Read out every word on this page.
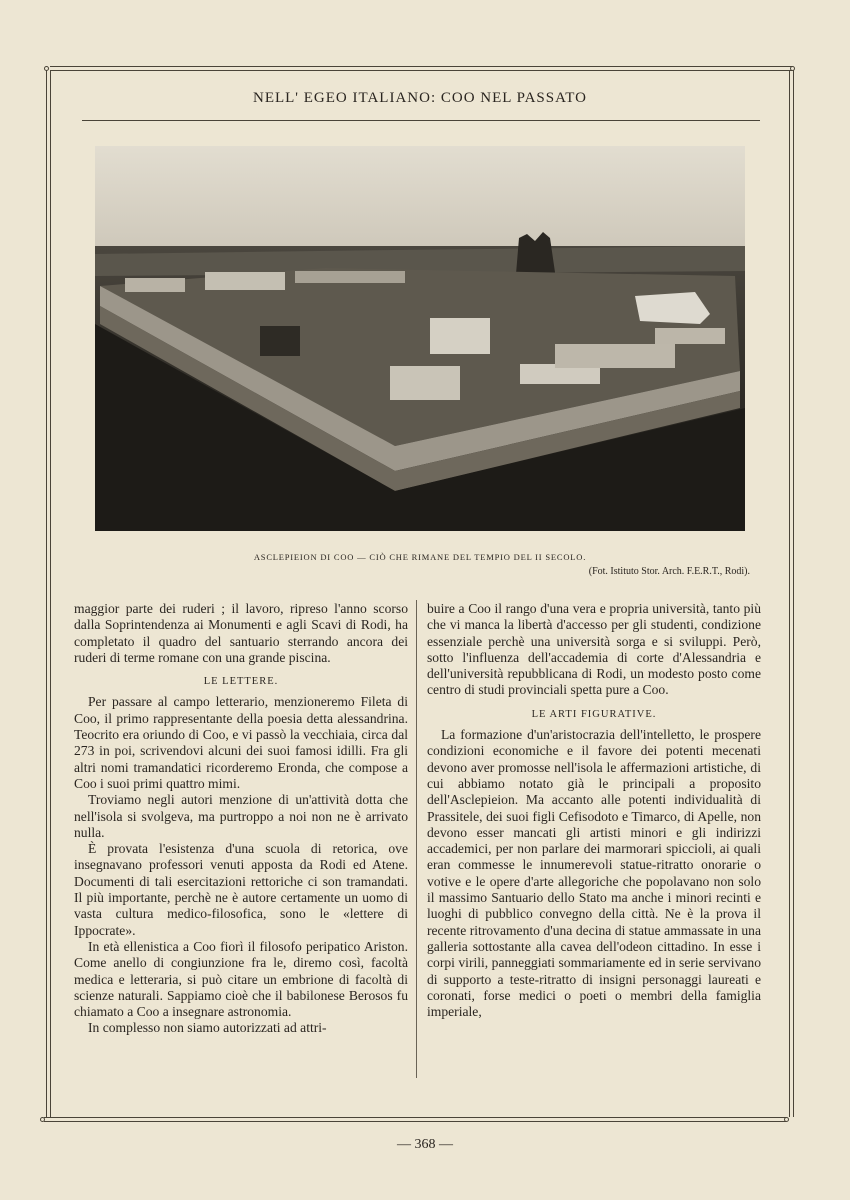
NELL' EGEO ITALIANO: COO NEL PASSATO
ASCLEPIEION DI COO — CIÒ CHE RIMANE DEL TEMPIO DEL II SECOLO.
(Fot. Istituto Stor. Arch. F.E.R.T., Rodi).

maggior parte dei ruderi ; il lavoro, ripreso l'anno scorso dalla Soprintendenza ai Monumenti e agli Scavi di Rodi, ha completato il quadro del santuario sterrando ancora dei ruderi di terme romane con una grande piscina.

LE LETTERE.

Per passare al campo letterario, menzioneremo Fileta di Coo, il primo rappresentante della poesia detta alessandrina. Teocrito era oriundo di Coo, e vi passò la vecchiaia, circa dal 273 in poi, scrivendovi alcuni dei suoi famosi idilli. Fra gli altri nomi tramandatici ricorderemo Eronda, che compose a Coo i suoi primi quattro mimi.

Troviamo negli autori menzione di un'attività dotta che nell'isola si svolgeva, ma purtroppo a noi non ne è arrivato nulla.

È provata l'esistenza d'una scuola di retorica, ove insegnavano professori venuti apposta da Rodi ed Atene. Documenti di tali esercitazioni rettoriche ci son tramandati. Il più importante, perchè ne è autore certamente un uomo di vasta cultura medico-filosofica, sono le «lettere di Ippocrate».

In età ellenistica a Coo fiorì il filosofo peripatico Ariston. Come anello di congiunzione fra le, diremo così, facoltà medica e letteraria, si può citare un embrione di facoltà di scienze naturali. Sappiamo cioè che il babilonese Berosos fu chiamato a Coo a insegnare astronomia.

In complesso non siamo autorizzati ad attri-

buire a Coo il rango d'una vera e propria università, tanto più che vi manca la libertà d'accesso per gli studenti, condizione essenziale perchè una università sorga e si sviluppi. Però, sotto l'influenza dell'accademia di corte d'Alessandria e dell'università repubblicana di Rodi, un modesto posto come centro di studi provinciali spetta pure a Coo.

LE ARTI FIGURATIVE.

La formazione d'un'aristocrazia dell'intelletto, le prospere condizioni economiche e il favore dei potenti mecenati devono aver promosse nell'isola le affermazioni artistiche, di cui abbiamo notato già le principali a proposito dell'Asclepieion. Ma accanto alle potenti individualità di Prassitele, dei suoi figli Cefisodoto e Timarco, di Apelle, non devono esser mancati gli artisti minori e gli indirizzi accademici, per non parlare dei marmorari spiccioli, ai quali eran commesse le innumerevoli statue-ritratto onorarie o votive e le opere d'arte allegoriche che popolavano non solo il massimo Santuario dello Stato ma anche i minori recinti e luoghi di pubblico convegno della città. Ne è la prova il recente ritrovamento d'una decina di statue ammassate in una galleria sottostante alla cavea dell'odeon cittadino. In esse i corpi virili, panneggiati sommariamente ed in serie servivano di supporto a teste-ritratto di insigni personaggi laureati e coronati, forse medici o poeti o membri della famiglia imperiale,

— 368 —
